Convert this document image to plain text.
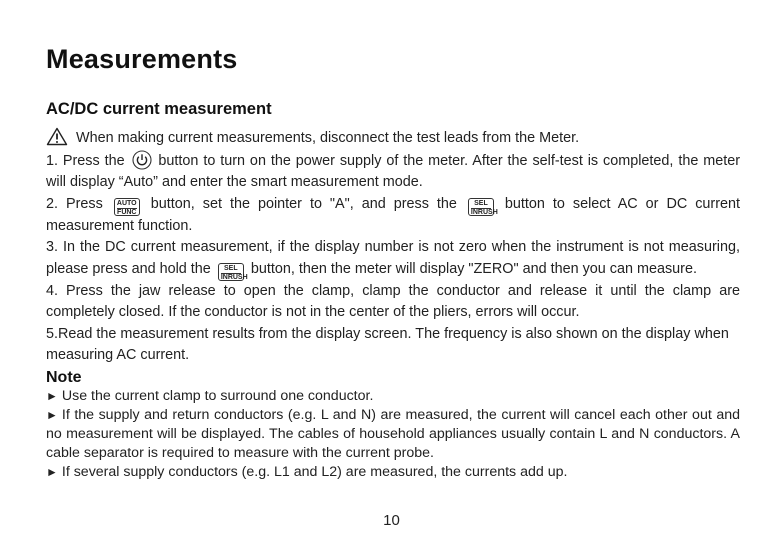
Measurements
AC/DC current measurement

When making current measurements, disconnect the test leads from the Meter.

1. Press the button to turn on the power supply of the meter. After the self-test is completed, the meter will display “Auto” and enter the smart measurement mode.

2. Press	AUTO
FUNC
button, set the pointer to "A", and press the	SEL
INRUSH
button to select AC or DC current measurement function.

3. In the DC current measurement, if the display number is not zero when the instrument is not measuring, please press and hold the	SEL
INRUSH
button, then the meter will display "ZERO" and then you can measure.

4. Press the jaw release to open the clamp, clamp the conductor and release it until the clamp are completely closed. If the conductor is not in the center of the pliers, errors will occur.

5.Read the measurement results from the display screen. The frequency is also shown on the display when measuring AC current.

Note

► Use the current clamp to surround one conductor.

► If the supply and return conductors (e.g. L and N) are measured, the current will cancel each other out and no measurement will be displayed. The cables of household appliances usually contain L and N conductors. A cable separator is required to measure with the current probe.

► If several supply conductors (e.g. L1 and L2) are measured, the currents add up.

10
